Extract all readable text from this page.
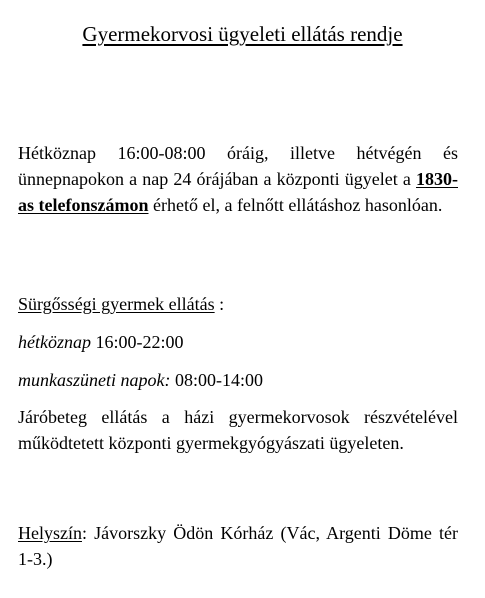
Gyermekorvosi ügyeleti ellátás rendje
Hétköznap 16:00-08:00 óráig, illetve hétvégén és ünnepnapokon a nap 24 órájában a központi ügyelet a 1830-as telefonszámon érhető el, a felnőtt ellátáshoz hasonlóan.
Sürgősségi gyermek ellátás :
hétköznap 16:00-22:00
munkaszüneti napok: 08:00-14:00
Járóbeteg ellátás a házi gyermekorvosok részvételével működtetett központi gyermekgyógyászati ügyeleten.
Helyszín: Jávorszky Ödön Kórház (Vác, Argenti Döme tér 1-3.)
